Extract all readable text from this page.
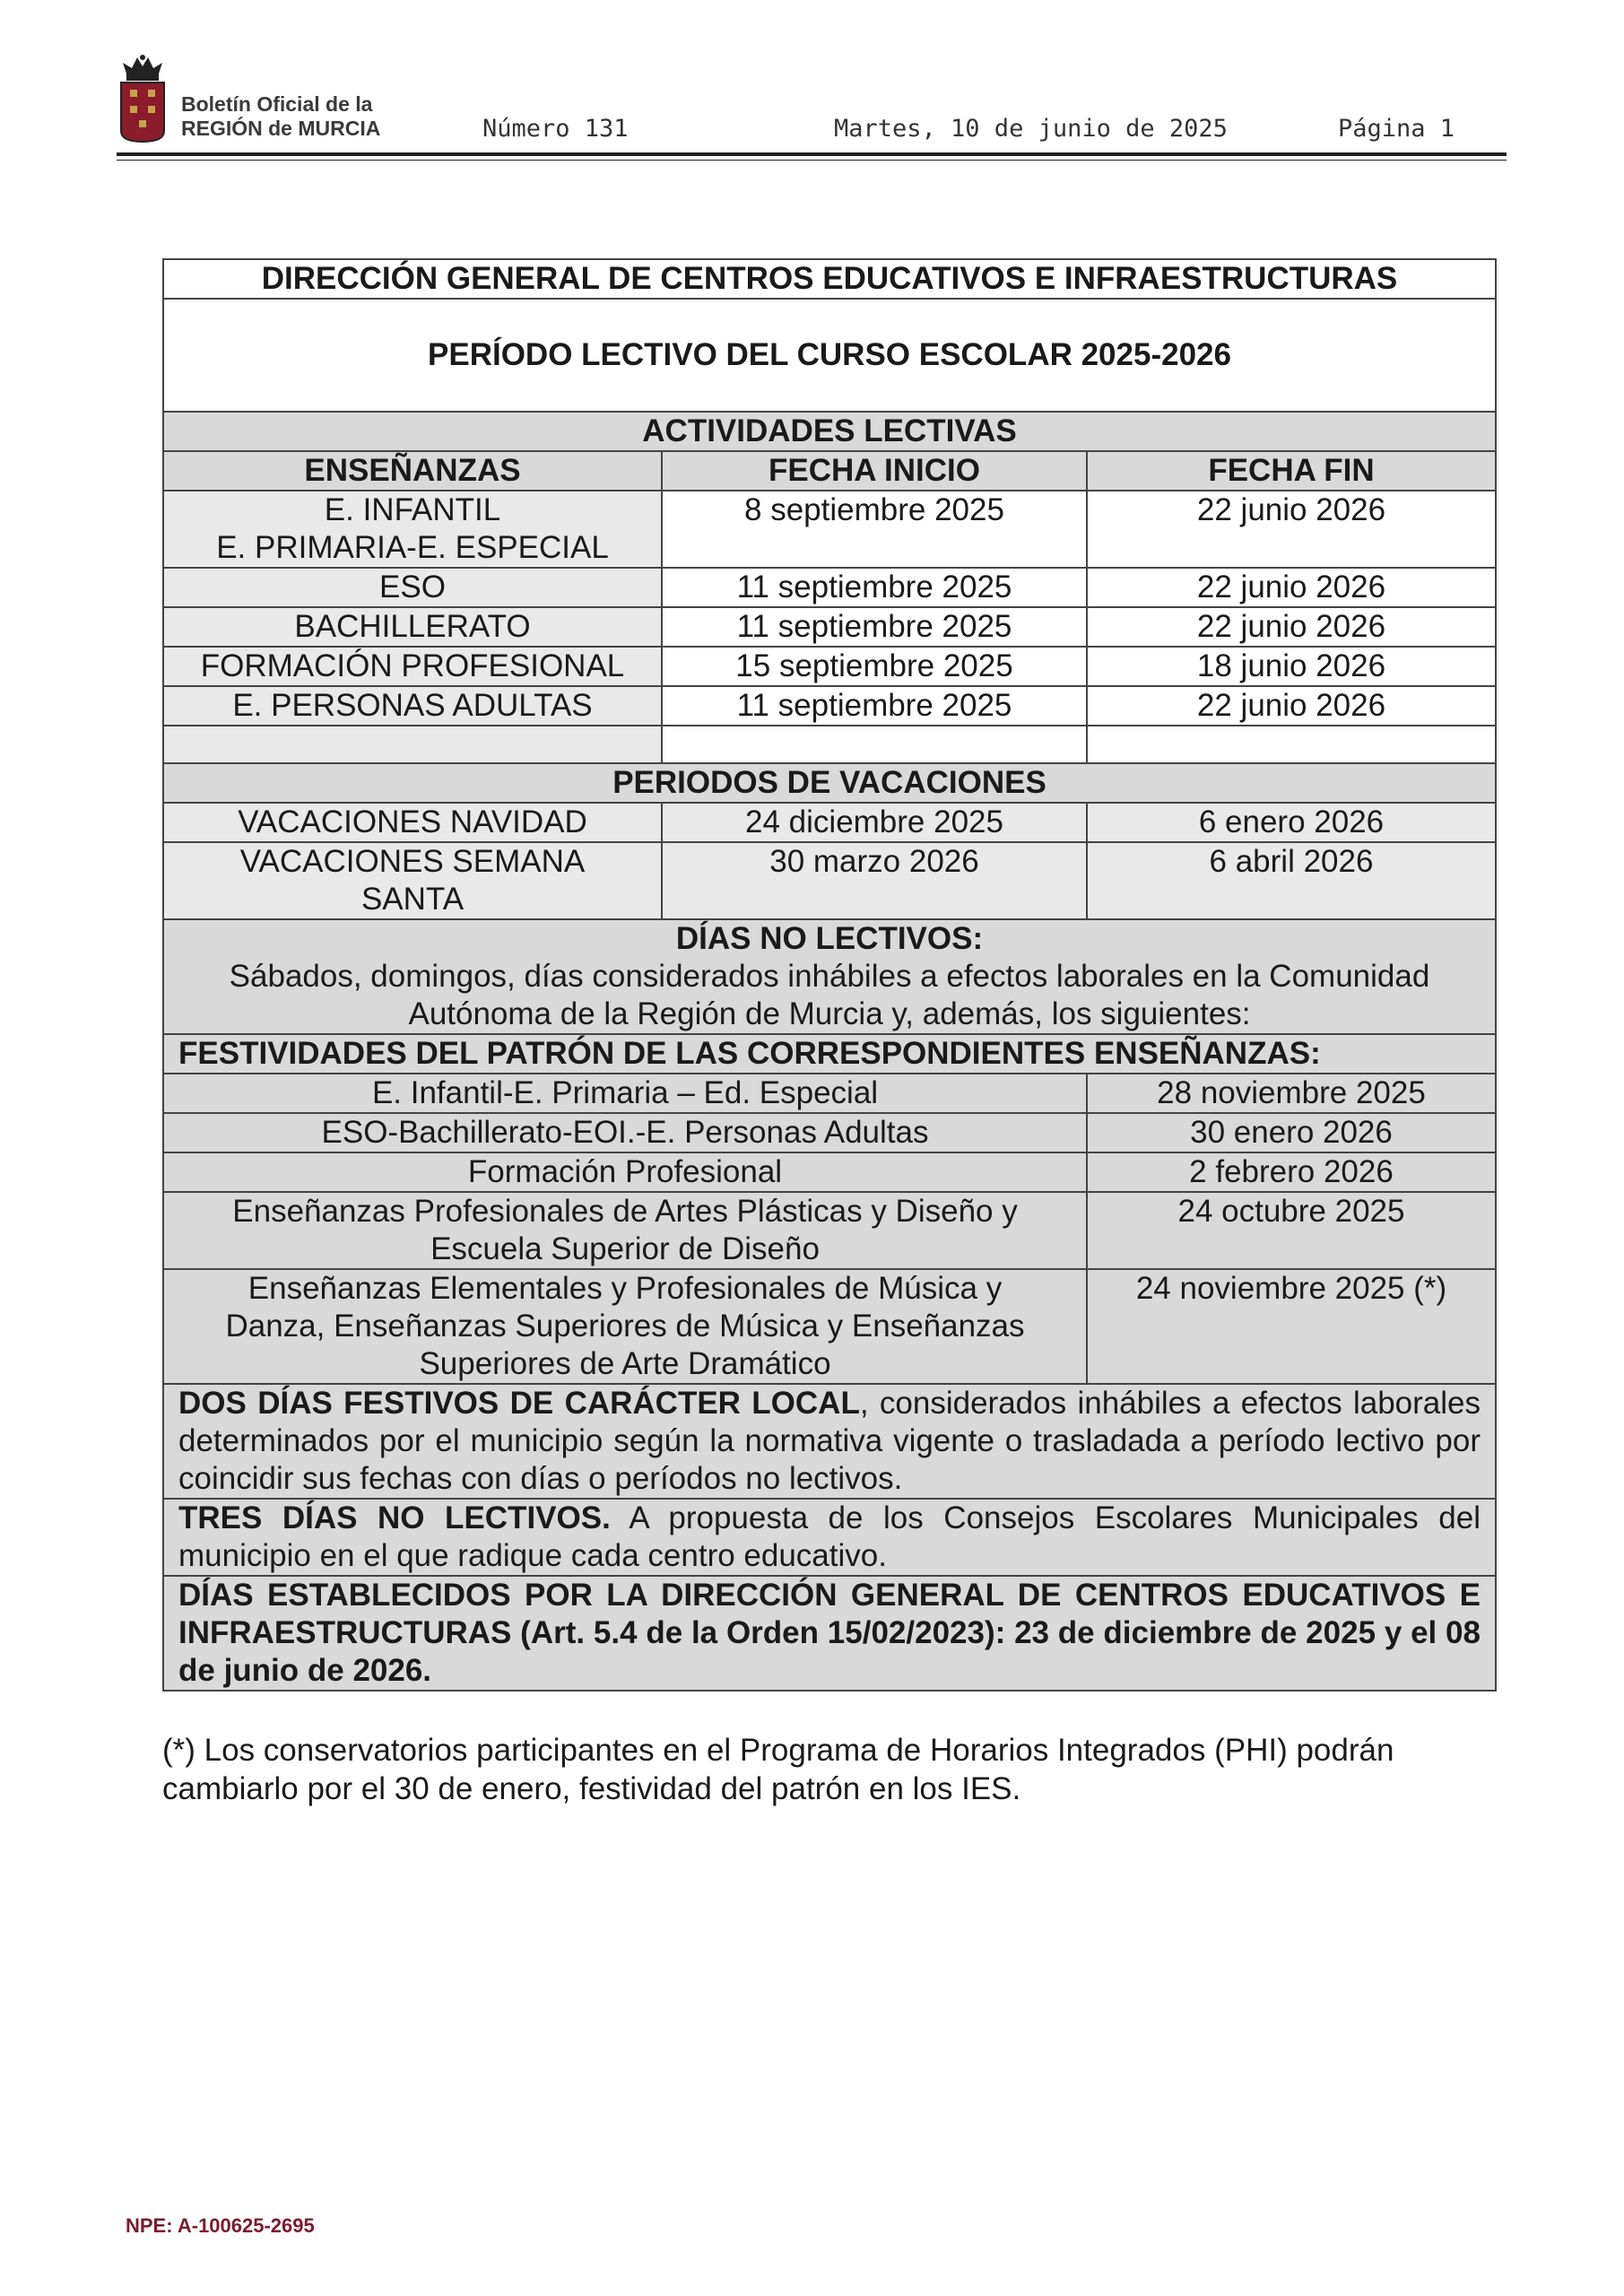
Boletín Oficial de la
REGIÓN de MURCIA	Número 131	Martes, 10 de junio de 2025	Página 1
DIRECCIÓN GENERAL DE CENTROS EDUCATIVOS E INFRAESTRUCTURAS		
PERÍODO LECTIVO DEL CURSO ESCOLAR 2025-2026		
ACTIVIDADES LECTIVAS		
ENSEÑANZAS	FECHA INICIO	FECHA FIN

E. INFANTIL
E. PRIMARIA-E. ESPECIAL	8 septiembre 2025	22 junio 2026
ESO	11 septiembre 2025	22 junio 2026
BACHILLERATO	11 septiembre 2025	22 junio 2026
FORMACIÓN PROFESIONAL	15 septiembre 2025	18 junio 2026
E. PERSONAS ADULTAS	11 septiembre 2025	22 junio 2026

PERIODOS DE VACACIONES		
VACACIONES NAVIDAD	24 diciembre 2025	6 enero 2026

VACACIONES SEMANA
SANTA	30 marzo 2026	6 abril 2026

DÍAS NO LECTIVOS:
Sábados, domingos, días considerados inhábiles a efectos laborales en la Comunidad Autónoma de la Región de Murcia y, además, los siguientes:		

FESTIVIDADES DEL PATRÓN DE LAS CORRESPONDIENTES ENSEÑANZAS:		
E. Infantil-E. Primaria – Ed. Especial		28 noviembre 2025
ESO-Bachillerato-EOI.-E. Personas Adultas		30 enero 2026
Formación Profesional		2 febrero 2026
Enseñanzas Profesionales de Artes Plásticas y Diseño y Escuela Superior de Diseño		24 octubre 2025
Enseñanzas Elementales y Profesionales de Música y Danza, Enseñanzas Superiores de Música y Enseñanzas Superiores de Arte Dramático		24 noviembre 2025 (*)
DOS DÍAS FESTIVOS DE CARÁCTER LOCAL, considerados inhábiles a efectos laborales determinados por el municipio según la normativa vigente o trasladada a período lectivo por coincidir sus fechas con días o períodos no lectivos.		
TRES DÍAS NO LECTIVOS. A propuesta de los Consejos Escolares Municipales del municipio en el que radique cada centro educativo.		
DÍAS ESTABLECIDOS POR LA DIRECCIÓN GENERAL DE CENTROS EDUCATIVOS E INFRAESTRUCTURAS (Art. 5.4 de la Orden 15/02/2023): 23 de diciembre de 2025 y el 08 de junio de 2026.		
(*) Los conservatorios participantes en el Programa de Horarios Integrados (PHI) podrán cambiarlo por el 30 de enero, festividad del patrón en los IES.
NPE: A-100625-2695
